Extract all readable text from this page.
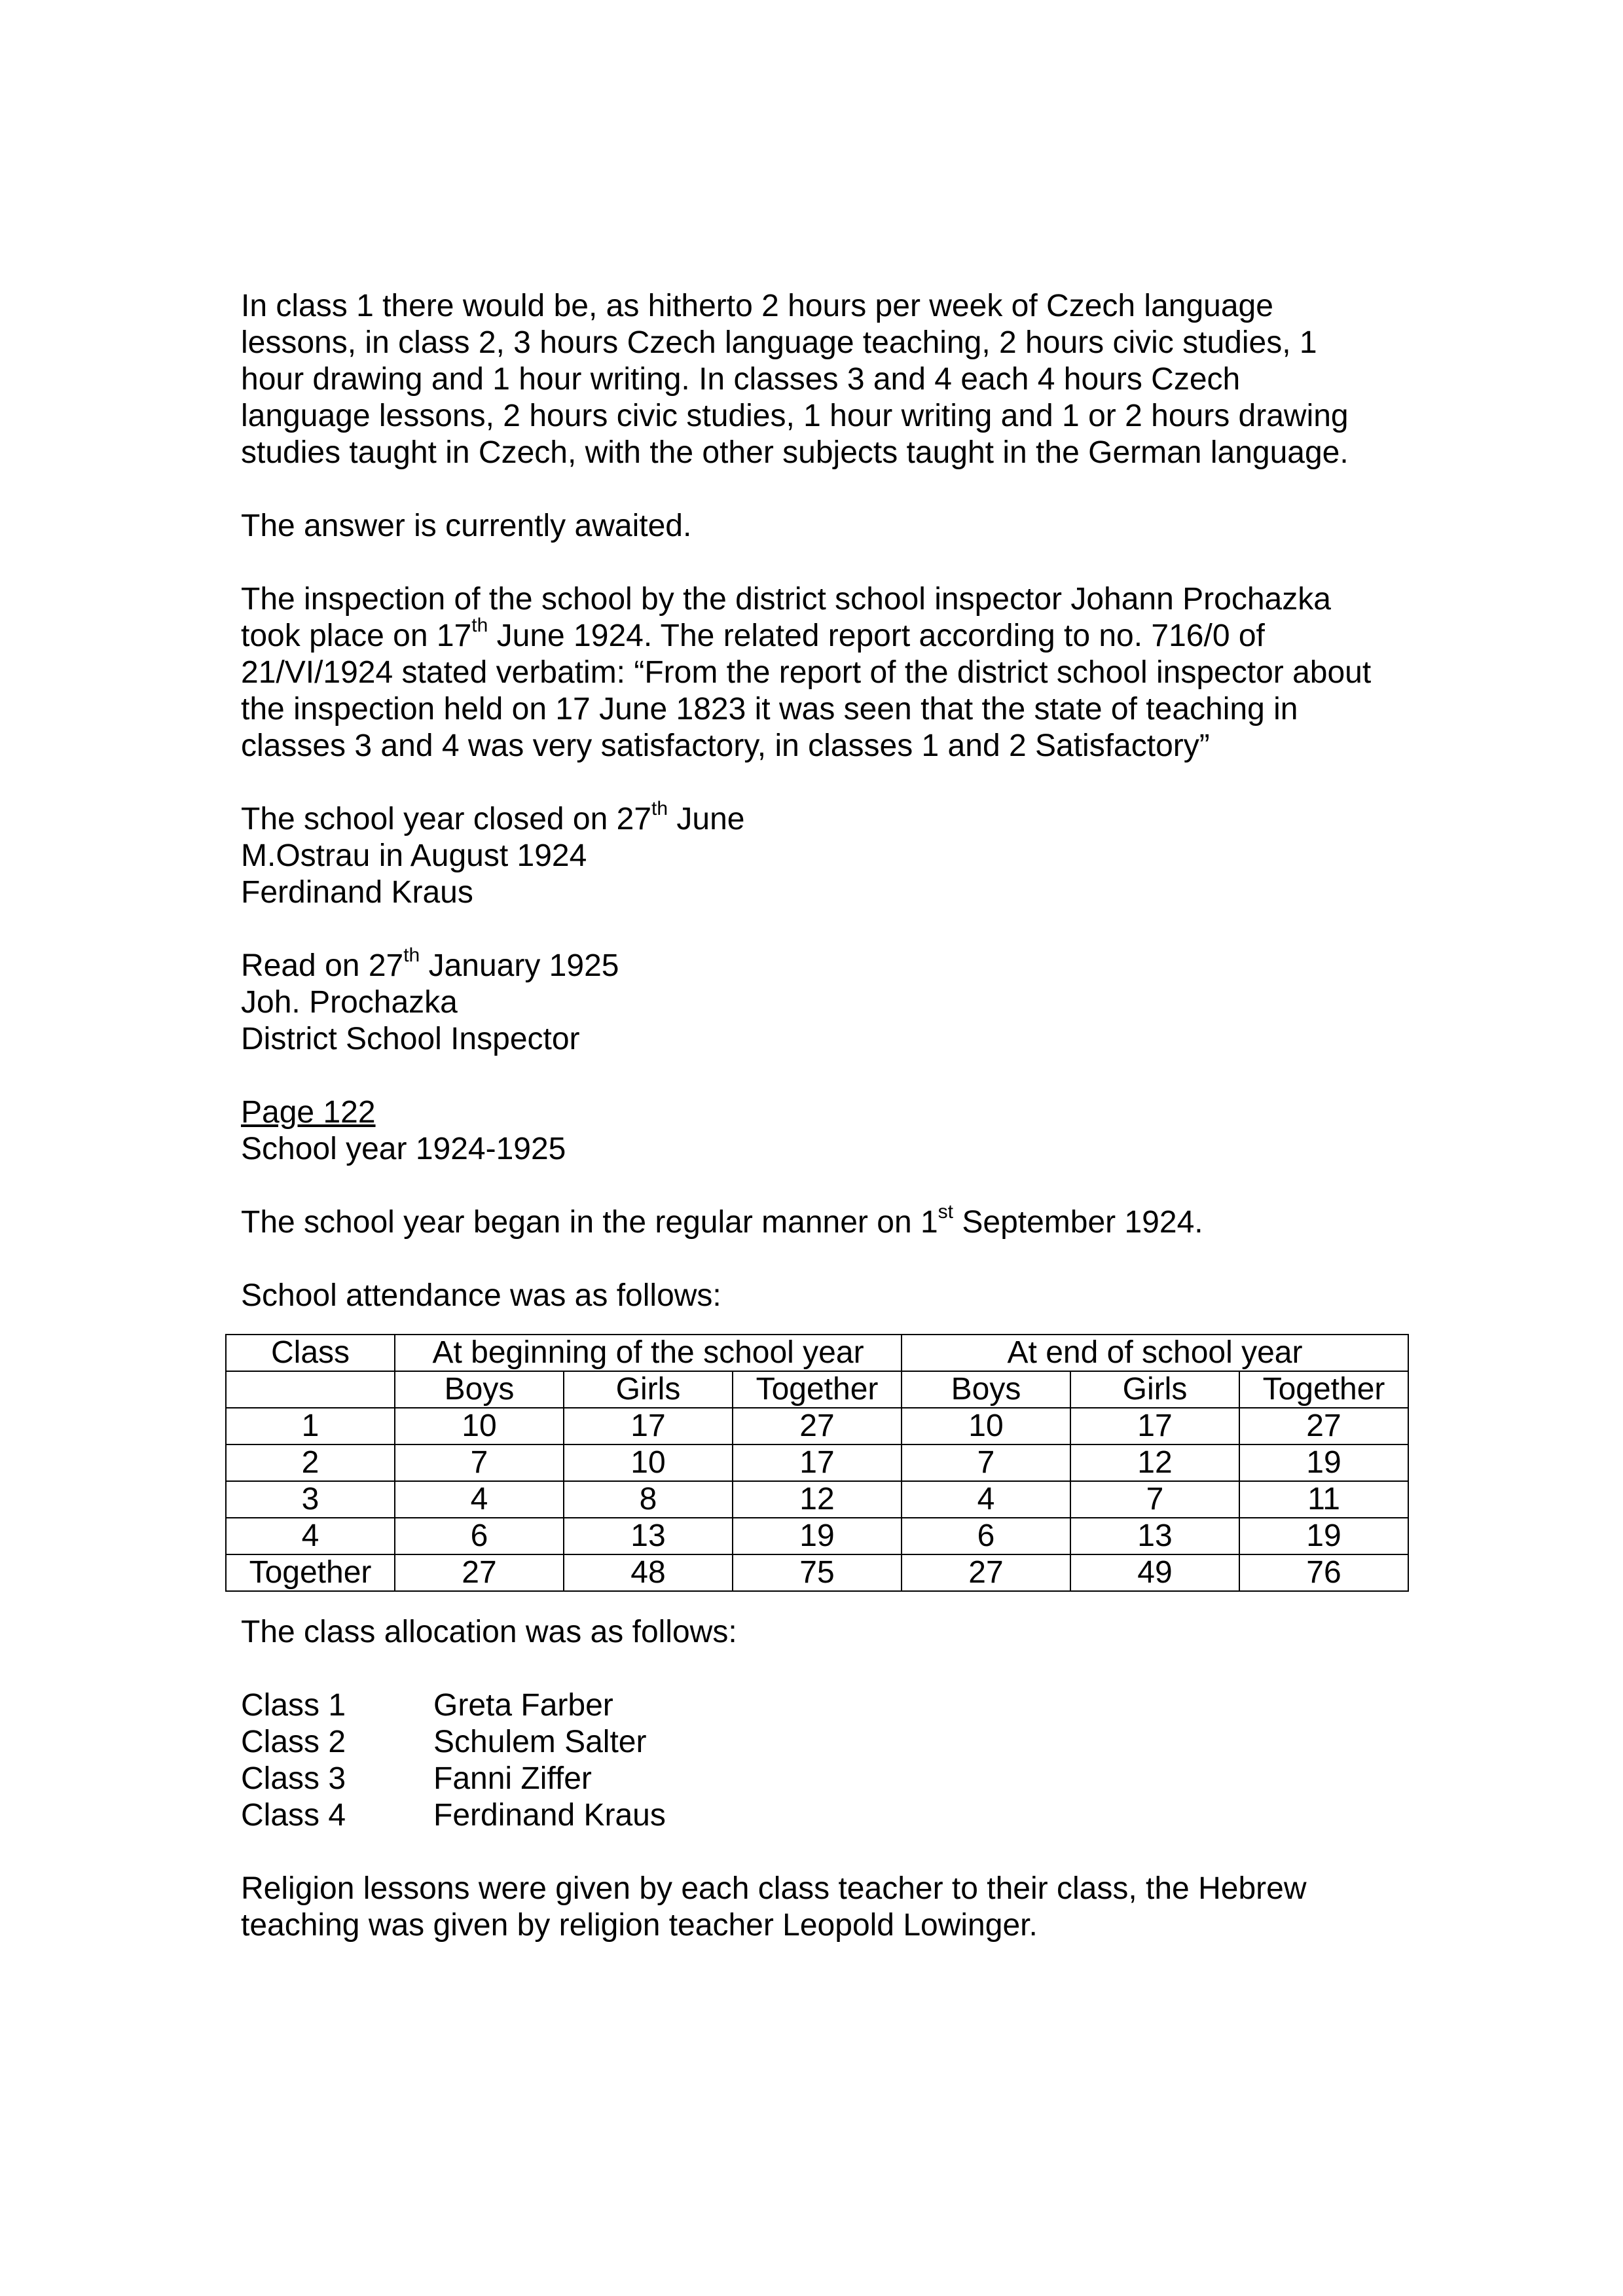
In class 1 there would be, as hitherto 2 hours per week of Czech language
lessons, in class 2, 3 hours Czech language teaching, 2 hours civic studies, 1
hour drawing and 1 hour writing. In classes 3 and 4 each 4 hours Czech
language lessons, 2 hours civic studies, 1 hour writing and 1 or 2 hours drawing
studies taught in Czech, with the other subjects taught in the German language.

The answer is currently awaited.

The inspection of the school by the district school inspector Johann Prochazka
took place on 17th June 1924. The related report according to no. 716/0 of
21/VI/1924 stated verbatim: “From the report of the district school inspector about
the inspection held on 17 June 1823 it was seen that the state of teaching in
classes 3 and 4 was very satisfactory, in classes 1 and 2 Satisfactory”

The school year closed on 27th June
M.Ostrau in August 1924
Ferdinand Kraus

Read on 27th January 1925
Joh. Prochazka
District School Inspector

Page 122
School year 1924-1925

The school year began in the regular manner on 1st September 1924.

School attendance was as follows:

Class	At beginning of the school year			At end of school year		
	Boys	Girls	Together	Boys	Girls	Together
1	10	17	27	10	17	27
2	7	10	17	7	12	19
3	4	8	12	4	7	11
4	6	13	19	6	13	19
Together	27	48	75	27	49	76

The class allocation was as follows:

Class 1	Greta Farber
Class 2	Schulem Salter
Class 3	Fanni Ziffer
Class 4	Ferdinand Kraus

Religion lessons were given by each class teacher to their class, the Hebrew
teaching was given by religion teacher Leopold Lowinger.
